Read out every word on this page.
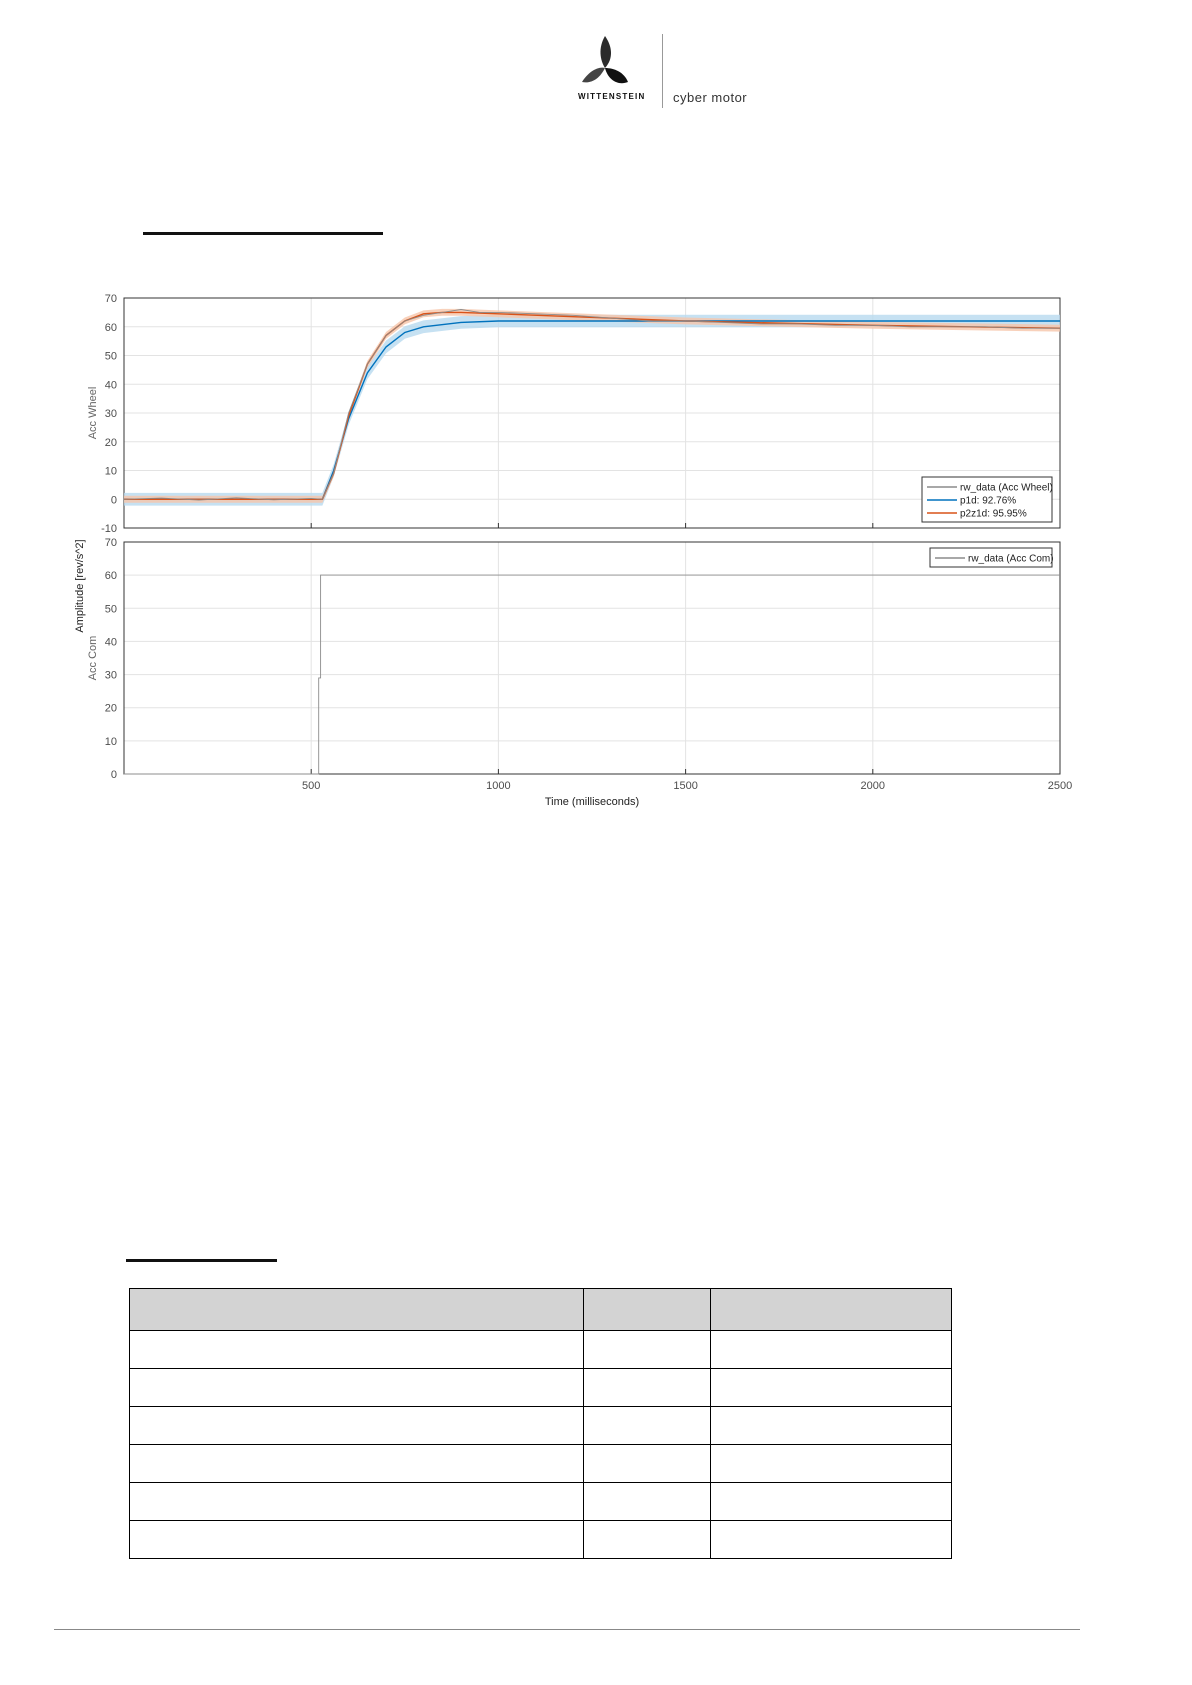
WITTENSTEIN cyber motor
-10
0
10
20
30
40
50
60
70
Acc Wheel
rw_data (Acc Wheel)
p1d: 92.76%
p2z1d: 95.95%
0
10
20
30
40
50
60
70
500	1000	1500	2000	2500
Acc Com
rw_data (Acc Com)
Amplitude [rev/s^2]
Time (milliseconds)
